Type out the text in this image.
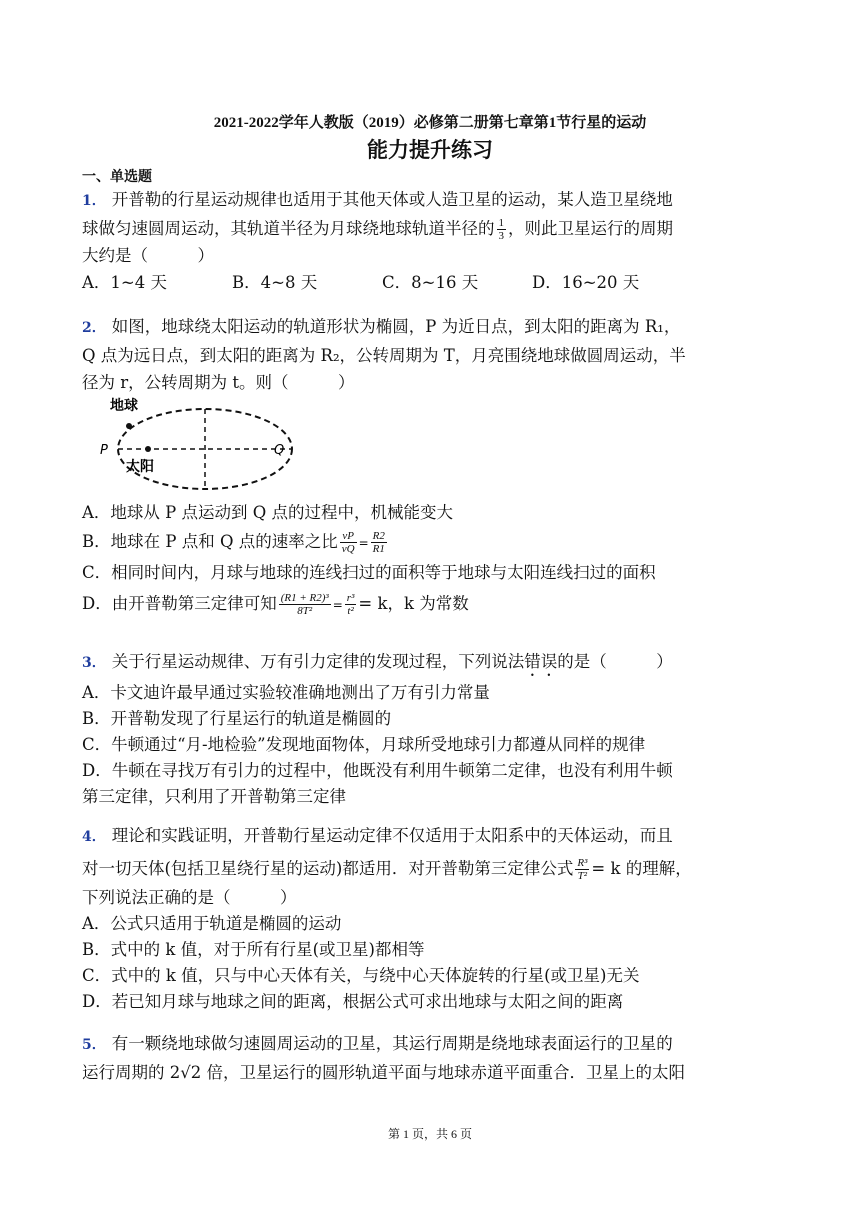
2021-2022学年人教版（2019）必修第二册第七章第1节行星的运动
能力提升练习
一、单选题
1． 开普勒的行星运动规律也适用于其他天体或人造卫星的运动，某人造卫星绕地
球做匀速圆周运动，其轨道半径为月球绕地球轨道半径的 $\frac{1}{3}$ ，则此卫星运行的周期
大约是（　　　）
A．1~4 天	B．4~8 天	C．8~16 天	D．16~20 天
2． 如图，地球绕太阳运动的轨道形状为椭圆，P 为近日点，到太阳的距离为 R₁，
Q 点为远日点，到太阳的距离为 R₂，公转周期为 T，月亮围绕地球做圆周运动，半
径为 r，公转周期为 t。则（　　　）
地球
太阳
P	Q
A．地球从 P 点运动到 Q 点的过程中，机械能变大
B．地球在 P 点和 Q 点的速率之比 $\frac{vP}{vQ} = \frac{R2}{R1}$
C．相同时间内，月球与地球的连线扫过的面积等于地球与太阳连线扫过的面积
D．由开普勒第三定律可知 $\frac{\text{(R1 + R2)³}}{\text{8T²}} = \frac{\text{r³}}{\text{t²}} = k$，k 为常数
3． 关于行星运动规律、万有引力定律的发现过程，下列说法错误的是（　　　）
A．卡文迪许最早通过实验较准确地测出了万有引力常量
B．开普勒发现了行星运行的轨道是椭圆的
C．牛顿通过“月-地检验”发现地面物体，月球所受地球引力都遵从同样的规律
D．牛顿在寻找万有引力的过程中，他既没有利用牛顿第二定律，也没有利用牛顿
第三定律，只利用了开普勒第三定律
4． 理论和实践证明，开普勒行星运动定律不仅适用于太阳系中的天体运动，而且
对一切天体(包括卫星绕行星的运动)都适用．对开普勒第三定律公式 $\frac{\text{R³}}{\text{T²}} = k$ 的理解，
下列说法正确的是（　　　）
A．公式只适用于轨道是椭圆的运动
B．式中的 k 值，对于所有行星(或卫星)都相等
C．式中的 k 值，只与中心天体有关，与绕中心天体旋转的行星(或卫星)无关
D．若已知月球与地球之间的距离，根据公式可求出地球与太阳之间的距离
5． 有一颗绕地球做匀速圆周运动的卫星，其运行周期是绕地球表面运行的卫星的
运行周期的 2√2 倍，卫星运行的圆形轨道平面与地球赤道平面重合．卫星上的太阳
第 1 页，共 6 页
